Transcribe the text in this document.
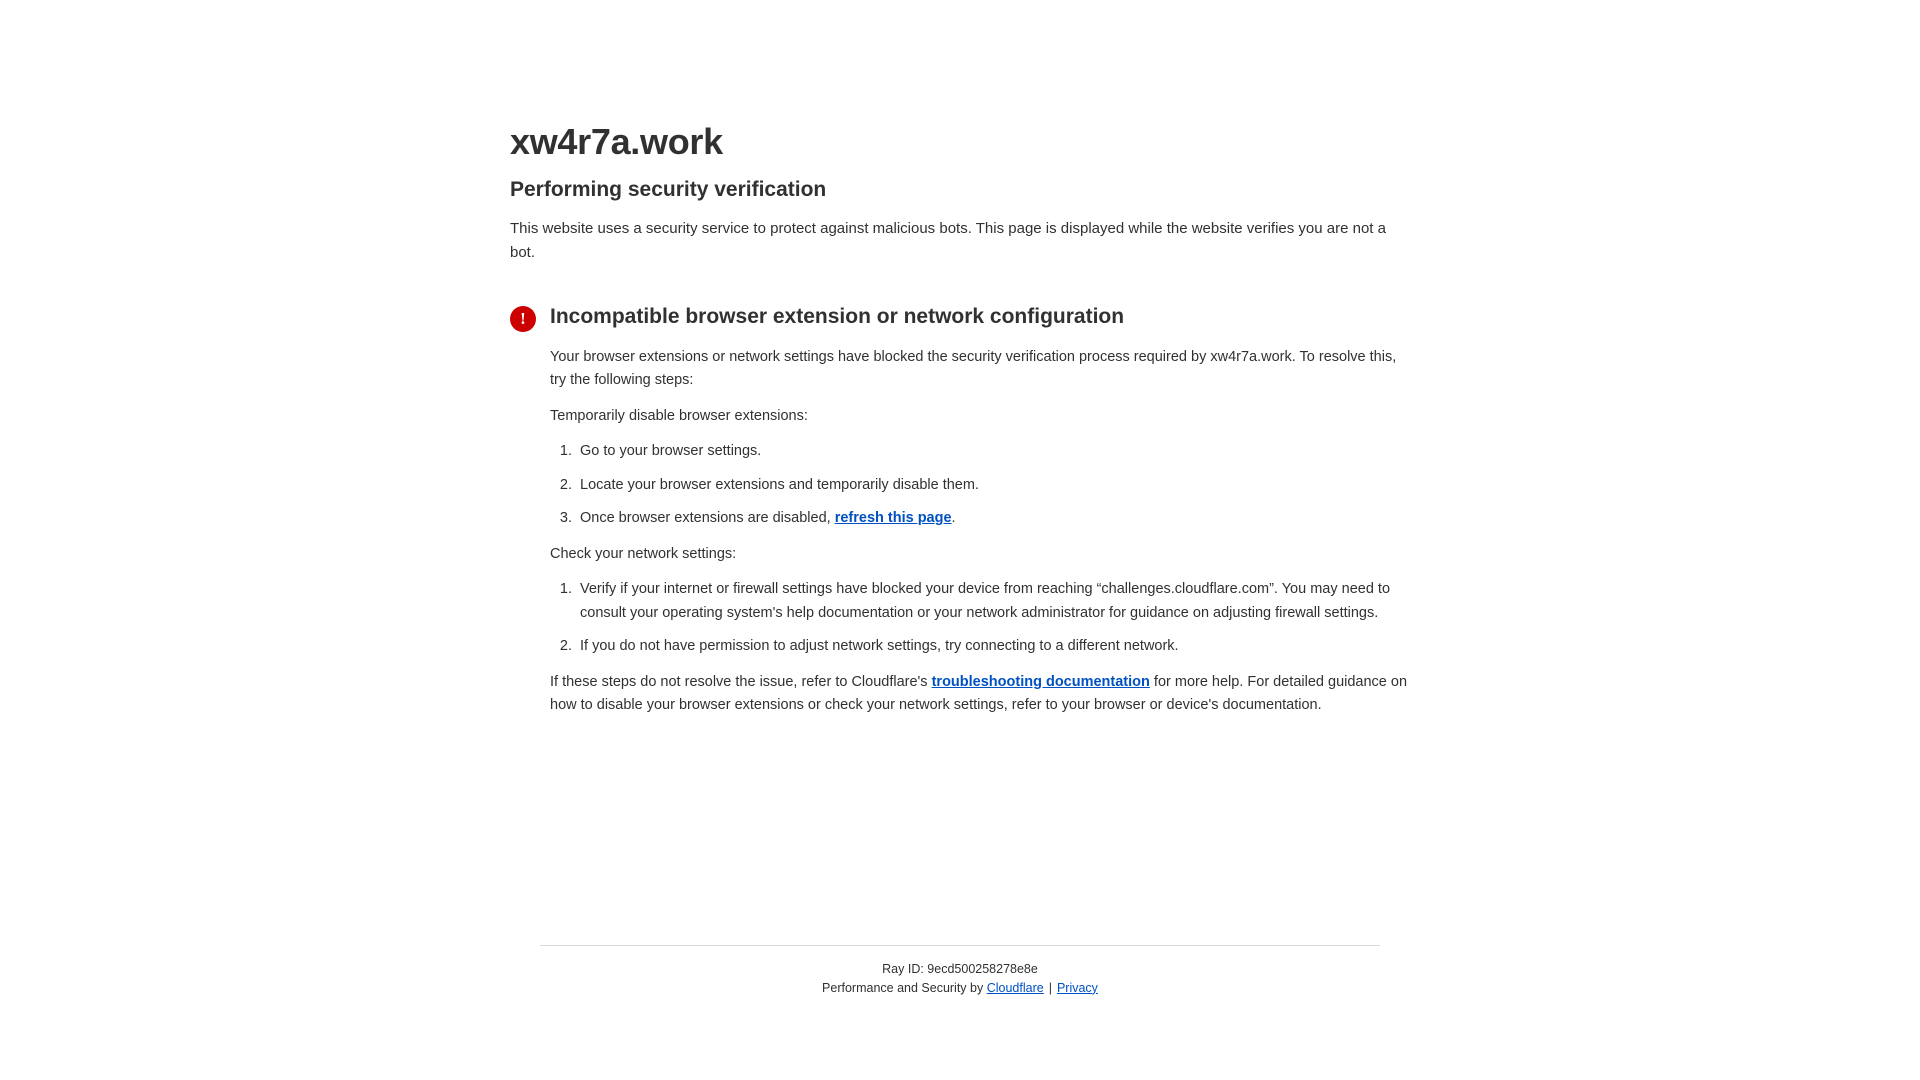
xw4r7a.work
Performing security verification

This website uses a security service to protect against malicious bots. This page is displayed while the website verifies you are not a bot.

!	Incompatible browser extension or network configuration

Your browser extensions or network settings have blocked the security verification process required by xw4r7a.work. To resolve this, try the following steps:

Temporarily disable browser extensions:

1. Go to your browser settings.
2. Locate your browser extensions and temporarily disable them.
3. Once browser extensions are disabled, refresh this page.

Check your network settings:

1. Verify if your internet or firewall settings have blocked your device from reaching “challenges.cloudflare.com”. You may need to consult your operating system's help documentation or your network administrator for guidance on adjusting firewall settings.
2. If you do not have permission to adjust network settings, try connecting to a different network.

If these steps do not resolve the issue, refer to Cloudflare's troubleshooting documentation for more help. For detailed guidance on how to disable your browser extensions or check your network settings, refer to your browser or device's documentation.

Ray ID: 9ecd500258278e8e

Performance and Security by Cloudflare | Privacy
